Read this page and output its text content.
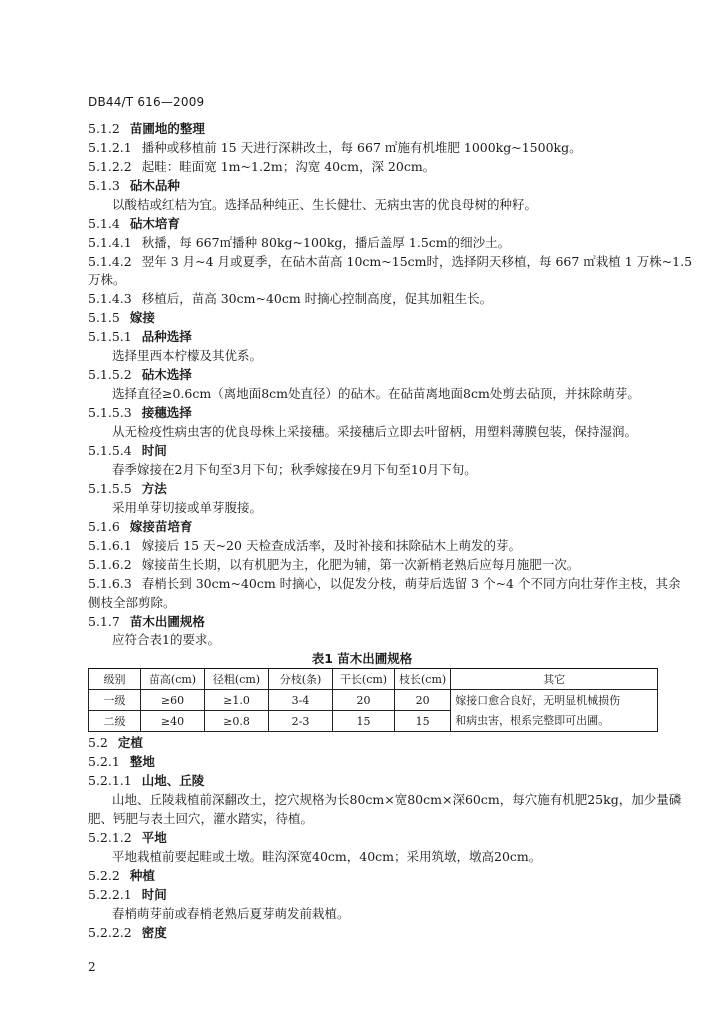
DB44/T 616—2009
5.1.2 苗圃地的整理
5.1.2.1 播种或移植前 15 天进行深耕改土，每 667 ㎡施有机堆肥 1000kg~1500kg。
5.1.2.2 起畦：畦面宽 1m~1.2m；沟宽 40cm，深 20cm。
5.1.3 砧木品种
以酸桔或红桔为宜。选择品种纯正、生长健壮、无病虫害的优良母树的种籽。
5.1.4 砧木培育
5.1.4.1 秋播，每 667㎡播种 80kg~100kg，播后盖厚 1.5cm的细沙土。
5.1.4.2 翌年 3 月~4 月或夏季，在砧木苗高 10cm~15cm时，选择阴天移植，每 667 ㎡栽植 1 万株~1.5
万株。
5.1.4.3 移植后，苗高 30cm~40cm 时摘心控制高度，促其加粗生长。
5.1.5 嫁接
5.1.5.1 品种选择
选择里西本柠檬及其优系。
5.1.5.2 砧木选择
选择直径≥0.6cm（离地面8cm处直径）的砧木。在砧苗离地面8cm处剪去砧顶，并抹除萌芽。
5.1.5.3 接穗选择
从无检疫性病虫害的优良母株上采接穗。采接穗后立即去叶留柄，用塑料薄膜包装，保持湿润。
5.1.5.4 时间
春季嫁接在2月下旬至3月下旬；秋季嫁接在9月下旬至10月下旬。
5.1.5.5 方法
采用单芽切接或单芽腹接。
5.1.6 嫁接苗培育
5.1.6.1 嫁接后 15 天~20 天检查成活率，及时补接和抹除砧木上萌发的芽。
5.1.6.2 嫁接苗生长期，以有机肥为主，化肥为辅，第一次新梢老熟后应每月施肥一次。
5.1.6.3 春梢长到 30cm~40cm 时摘心，以促发分枝，萌芽后选留 3 个~4 个不同方向壮芽作主枝，其余
侧枝全部剪除。
5.1.7 苗木出圃规格
应符合表1的要求。
表1 苗木出圃规格
级别	苗高(cm)	径粗(cm)	分枝(条)	干长(cm)	枝长(cm)	其它
一级	≥60	≥1.0	3-4	20	20	嫁接口愈合良好，无明显机械损伤
和病虫害，根系完整即可出圃。

二级	≥40	≥0.8	2-3	15	15	
5.2 定植
5.2.1 整地
5.2.1.1 山地、丘陵
山地、丘陵栽植前深翻改土，挖穴规格为长80cm×宽80cm×深60cm，每穴施有机肥25kg，加少量磷
肥、钙肥与表土回穴，灌水踏实，待植。
5.2.1.2 平地
平地栽植前要起畦或土墩。畦沟深宽40cm，40cm；采用筑墩，墩高20cm。
5.2.2 种植
5.2.2.1 时间
春梢萌芽前或春梢老熟后夏芽萌发前栽植。
5.2.2.2 密度
2
